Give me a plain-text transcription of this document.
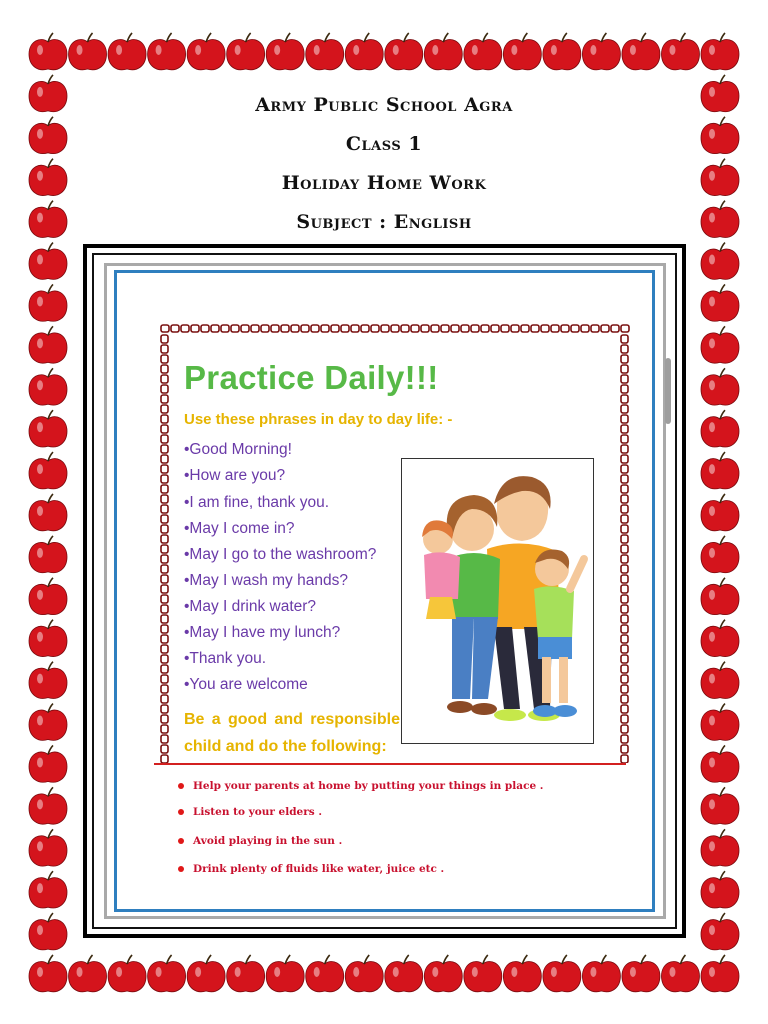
Army Public School Agra
Class 1
Holiday Home Work
Subject : English
Practice Daily!!!
Use these phrases in day to day life: -
•Good Morning!
•How are you?
•I am fine, thank you.
•May I come in?
•May I go to the washroom?
•May I wash my hands?
•May I drink water?
•May I have my lunch?
•Thank you.
•You are welcome
Be a good and responsible
child and do the following:
Help your parents at home by putting your things in place .
Listen to your elders .
Avoid playing in the sun .
Drink plenty of fluids like water, juice etc .
